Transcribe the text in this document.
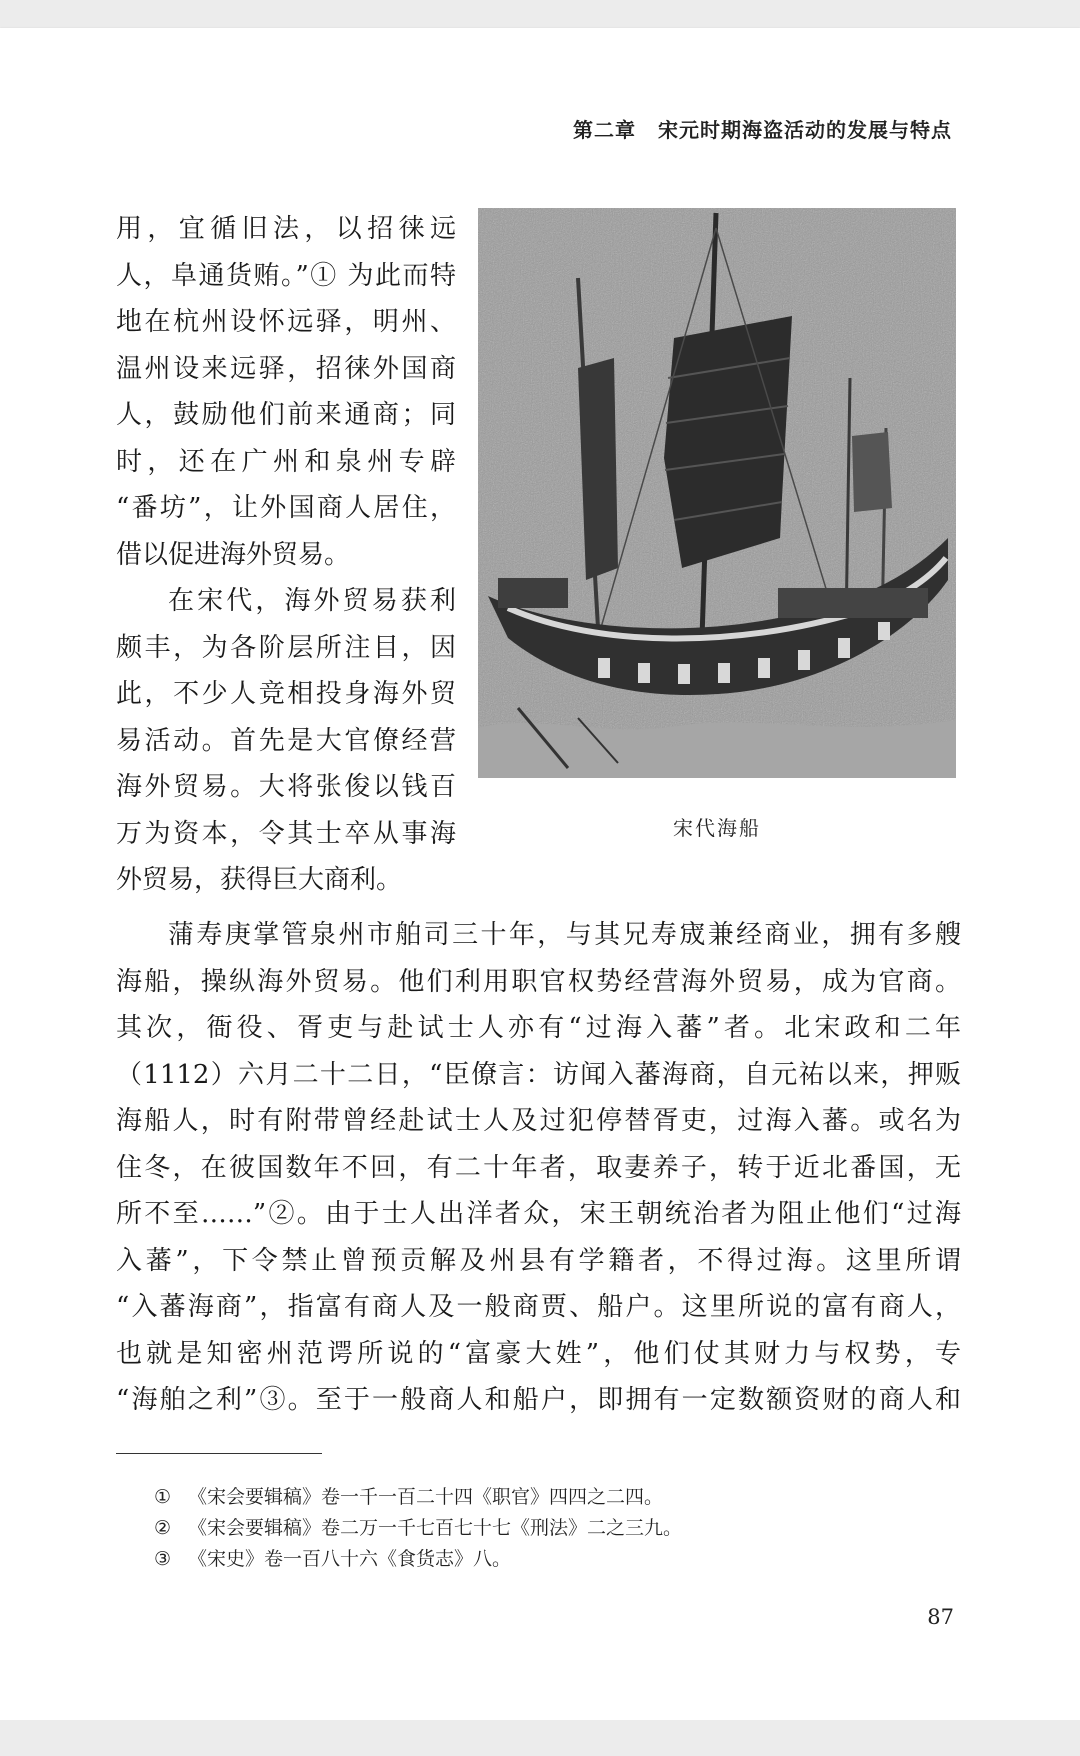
第二章 宋元时期海盗活动的发展与特点
宋代海船
用，宜循旧法，以招徕远
人，阜通货贿。”① 为此而特
地在杭州设怀远驿，明州、
温州设来远驿，招徕外国商
人，鼓励他们前来通商；同
时，还在广州和泉州专辟
“番坊”，让外国商人居住，
借以促进海外贸易。
在宋代，海外贸易获利
颇丰，为各阶层所注目，因
此，不少人竞相投身海外贸
易活动。首先是大官僚经营
海外贸易。大将张俊以钱百
万为资本，令其士卒从事海
外贸易，获得巨大商利。
蒲寿庚掌管泉州市舶司三十年，与其兄寿宬兼经商业，拥有多艘
海船，操纵海外贸易。他们利用职官权势经营海外贸易，成为官商。
其次，衙役、胥吏与赴试士人亦有“过海入蕃”者。北宋政和二年
（1112）六月二十二日，“臣僚言：访闻入蕃海商，自元祐以来，押贩
海船人，时有附带曾经赴试士人及过犯停替胥吏，过海入蕃。或名为
住冬，在彼国数年不回，有二十年者，取妻养子，转于近北番国，无
所不至……”②。由于士人出洋者众，宋王朝统治者为阻止他们“过海
入蕃”，下令禁止曾预贡解及州县有学籍者，不得过海。这里所谓
“入蕃海商”，指富有商人及一般商贾、船户。这里所说的富有商人，
也就是知密州范谔所说的“富豪大姓”，他们仗其财力与权势，专
“海舶之利”③。至于一般商人和船户，即拥有一定数额资财的商人和
① 《宋会要辑稿》卷一千一百二十四《职官》四四之二四。
② 《宋会要辑稿》卷二万一千七百七十七《刑法》二之三九。
③ 《宋史》卷一百八十六《食货志》八。
87
